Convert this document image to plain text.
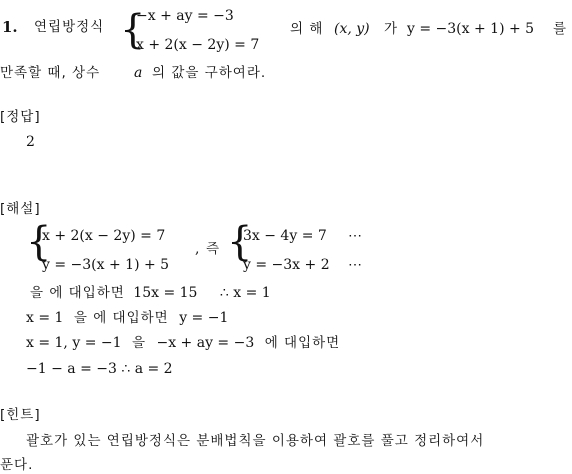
1. 연립방정식 {
−x + ay = −3
x + 2(x − 2y) = 7
의 해 (x, y) 가 y = −3(x + 1) + 5 를
만족할 때, 상수 a 의 값을 구하여라.
[정답]
2
[해설]
{
x + 2(x − 2y) = 7
y = −3(x + 1) + 5
, 즉 {
3x − 4y = 7
y = −3x + 2
⋯
⋯
을 에 대입하면 15x = 15 ∴ x = 1
x = 1 을 에 대입하면 y = −1
x = 1, y = −1 을 −x + ay = −3 에 대입하면
−1 − a = −3 ∴ a = 2
[힌트]
괄호가 있는 연립방정식은 분배법칙을 이용하여 괄호를 풀고 정리하여서
푼다.
